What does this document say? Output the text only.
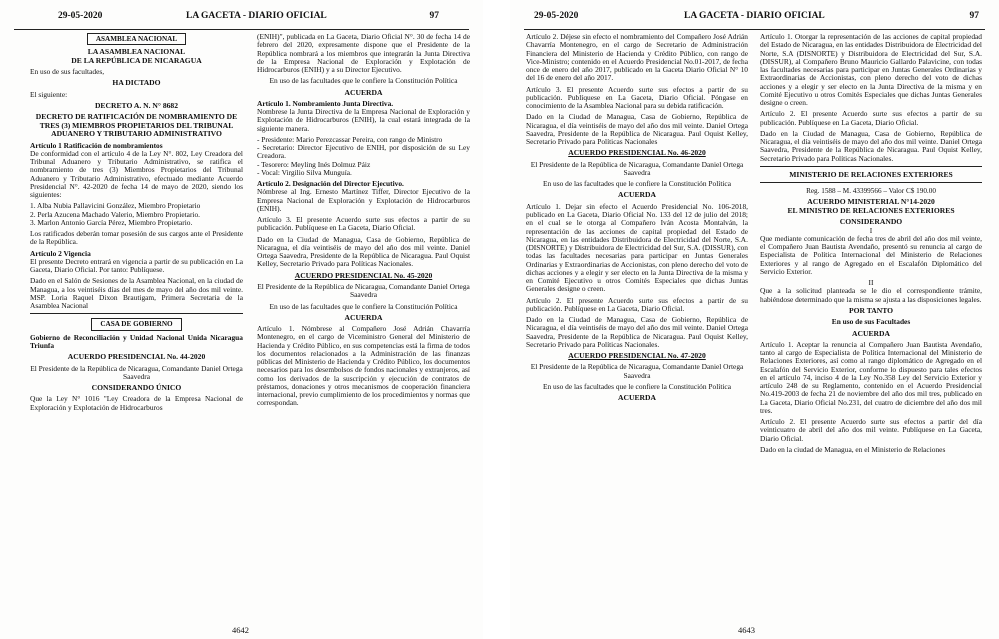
29-05-2020	LA GACETA - DIARIO OFICIAL	97

ASAMBLEA NACIONAL

LA ASAMBLEA NACIONAL

DE LA REPÚBLICA DE NICARAGUA

En uso de sus facultades,

HA DICTADO

El siguiente:

DECRETO A. N. N° 8682

DECRETO DE RATIFICACIÓN DE NOMBRAMIENTO DE TRES (3) MIEMBROS PROPIETARIOS DEL TRIBUNAL ADUANERO Y TRIBUTARIO ADMINISTRATIVO

Artículo 1 Ratificación de nombramientos

De conformidad con el artículo 4 de la Ley N°. 802, Ley Creadora del Tribunal Aduanero y Tributario Administrativo, se ratifica el nombramiento de tres (3) Miembros Propietarios del Tribunal Aduanero y Tributario Administrativo, efectuado mediante Acuerdo Presidencial N°. 42-2020 de fecha 14 de mayo de 2020, siendo los siguientes:

1. Alba Nubia Pallavicini González, Miembro Propietario

2. Perla Azucena Machado Valerio, Miembro Propietario.

3. Marlon Antonio García Pérez, Miembro Propietario.

Los ratificados deberán tomar posesión de sus cargos ante el Presidente de la República.

Artículo 2 Vigencia

El presente Decreto entrará en vigencia a partir de su publicación en La Gaceta, Diario Oficial. Por tanto: Publíquese.

Dado en el Salón de Sesiones de la Asamblea Nacional, en la ciudad de Managua, a los veintiséis días del mes de mayo del año dos mil veinte. MSP. Loria Raquel Dixon Brautigam, Primera Secretaria de la Asamblea Nacional

CASA DE GOBIERNO

Gobierno de Reconciliación y Unidad Nacional Unida Nicaragua Triunfa

ACUERDO PRESIDENCIAL No. 44-2020

El Presidente de la República de Nicaragua, Comandante Daniel Ortega Saavedra

CONSIDERANDO ÚNICO

Que la Ley N° 1016 "Ley Creadora de la Empresa Nacional de Exploración y Explotación de Hidrocarburos

(ENIH)", publicada en La Gaceta, Diario Oficial N°. 30 de fecha 14 de febrero del 2020, expresamente dispone que el Presidente de la República nombrará a los miembros que integrarán la Junta Directiva de la Empresa Nacional de Exploración y Explotación de Hidrocarburos (ENIH) y a su Director Ejecutivo.

En uso de las facultades que le confiere la Constitución Política

ACUERDA

Artículo 1. Nombramiento Junta Directiva.

Nombrese la Junta Directiva de la Empresa Nacional de Exploración y Explotación de Hidrocarburos (ENIH), la cual estará integrada de la siguiente manera.

- Presidente: Mario Perezcassar Pereira, con rango de Ministro

- Secretario: Director Ejecutivo de ENIH, por disposición de su Ley Creadora.

- Tesorero: Meyling Inés Dolmuz Páiz

- Vocal: Virgilio Silva Munguía.

Artículo 2. Designación del Director Ejecutivo.

Nómbrese al Ing. Ernesto Martínez Tiffer, Director Ejecutivo de la Empresa Nacional de Exploración y Explotación de Hidrocarburos (ENIH).

Artículo 3. El presente Acuerdo surte sus efectos a partir de su publicación. Publíquese en La Gaceta, Diario Oficial.

Dado en la Ciudad de Managua, Casa de Gobierno, República de Nicaragua, el día veintiséis de mayo del año dos mil veinte. Daniel Ortega Saavedra, Presidente de la República de Nicaragua. Paul Oquist Kelley, Secretario Privado para Políticas Nacionales.

ACUERDO PRESIDENCIAL No. 45-2020

El Presidente de la República de Nicaragua, Comandante Daniel Ortega Saavedra

En uso de las facultades que le confiere la Constitución Política

ACUERDA

Artículo 1. Nómbrese al Compañero José Adrián Chavarría Montenegro, en el cargo de Viceministro General del Ministerio de Hacienda y Crédito Público, en sus competencias está la firma de todos los documentos relacionados a la Administración de las finanzas públicas del Ministerio de Hacienda y Crédito Público, los documentos necesarios para los desembolsos de fondos nacionales y extranjeros, así como los derivados de la suscripción y ejecución de contratos de préstamos, donaciones y otros mecanismos de cooperación financiera internacional, previo cumplimiento de los procedimientos y normas que correspondan.

4642
29-05-2020	LA GACETA - DIARIO OFICIAL	97

Artículo 2. Déjese sin efecto el nombramiento del Compañero José Adrián Chavarría Montenegro, en el cargo de Secretario de Administración Financiera del Ministerio de Hacienda y Crédito Público, con rango de Vice-Ministro; contenido en el Acuerdo Presidencial No.01-2017, de fecha once de enero del año 2017, publicado en la Gaceta Diario Oficial N° 10 del 16 de enero del año 2017.

Artículo 3. El presente Acuerdo surte sus efectos a partir de su publicación. Publíquese en La Gaceta, Diario Oficial. Póngase en conocimiento de la Asamblea Nacional para su debida ratificación.

Dado en la Ciudad de Managua, Casa de Gobierno, República de Nicaragua, el día veintiséis de mayo del año dos mil veinte. Daniel Ortega Saavedra, Presidente de la República de Nicaragua. Paul Oquist Kelley, Secretario Privado para Políticas Nacionales

ACUERDO PRESIDENCIAL No. 46-2020

El Presidente de la República de Nicaragua, Comandante Daniel Ortega Saavedra

En uso de las facultades que le confiere la Constitución Política

ACUERDA

Artículo 1. Dejar sin efecto el Acuerdo Presidencial No. 106-2018, publicado en La Gaceta, Diario Oficial No. 133 del 12 de julio del 2018; en el cual se le otorga al Compañero Iván Acosta Montalván, la representación de las acciones de capital propiedad del Estado de Nicaragua, en las entidades Distribuidora de Electricidad del Norte, S.A. (DISNORTE) y Distribuidora de Electricidad del Sur, S.A. (DISSUR), con todas las facultades necesarias para participar en Juntas Generales Ordinarias y Extraordinarias de Accionistas, con pleno derecho del voto de dichas acciones y a elegir y ser electo en la Junta Directiva de la misma y en Comité Ejecutivo u otros Comités Especiales que dichas Juntas Generales designe o creen.

Artículo 2. El presente Acuerdo surte sus efectos a partir de su publicación. Publíquese en La Gaceta, Diario Oficial.

Dado en la Ciudad de Managua, Casa de Gobierno, República de Nicaragua, el día veintiséis de mayo del año dos mil veinte. Daniel Ortega Saavedra, Presidente de la República de Nicaragua. Paul Oquist Kelley, Secretario Privado para Políticas Nacionales.

ACUERDO PRESIDENCIAL No. 47-2020

El Presidente de la República de Nicaragua, Comandante Daniel Ortega Saavedra

En uso de las facultades que le confiere la Constitución Política

ACUERDA

Artículo 1. Otorgar la representación de las acciones de capital propiedad del Estado de Nicaragua, en las entidades Distribuidora de Electricidad del Norte, S.A (DISNORTE) y Distribuidora de Electricidad del Sur, S.A. (DISSUR), al Compañero Bruno Mauricio Gallardo Palavicine, con todas las facultades necesarias para participar en Juntas Generales Ordinarias y Extraordinarias de Accionistas, con pleno derecho del voto de dichas acciones y a elegir y ser electo en la Junta Directiva de la misma y en Comité Ejecutivo u otros Comités Especiales que dichas Juntas Generales designe o creen.

Artículo 2. El presente Acuerdo surte sus efectos a partir de su publicación. Publíquese en La Gaceta, Diario Oficial.

Dado en la Ciudad de Managua, Casa de Gobierno, República de Nicaragua, el día veintiséis de mayo del año dos mil veinte. Daniel Ortega Saavedra, Presidente de la República de Nicaragua. Paul Oquist Kelley, Secretario Privado para Políticas Nacionales.

MINISTERIO DE RELACIONES EXTERIORES

Reg. 1588 – M. 43399566 – Valor C$ 190.00

ACUERDO MINISTERIAL N°14-2020

EL MINISTRO DE RELACIONES EXTERIORES

CONSIDERANDO

I

Que mediante comunicación de fecha tres de abril del año dos mil veinte, el Compañero Juan Bautista Avendaño, presentó su renuncia al cargo de Especialista de Política Internacional del Ministerio de Relaciones Exteriores y al rango de Agregado en el Escalafón Diplomático del Servicio Exterior.

II

Que a la solicitud planteada se le dio el correspondiente trámite, habiéndose determinado que la misma se ajusta a las disposiciones legales.

POR TANTO

En uso de sus Facultades

ACUERDA

Artículo 1. Aceptar la renuncia al Compañero Juan Bautista Avendaño, tanto al cargo de Especialista de Política Internacional del Ministerio de Relaciones Exteriores, así como al rango diplomático de Agregado en el Escalafón del Servicio Exterior, conforme lo dispuesto para tales efectos en el artículo 74, inciso 4 de la Ley No.358 Ley del Servicio Exterior y artículo 248 de su Reglamento, contenido en el Acuerdo Presidencial No.419-2003 de fecha 21 de noviembre del año dos mil tres, publicado en La Gaceta, Diario Oficial No.231, del cuatro de diciembre del año dos mil tres.

Artículo 2. El presente Acuerdo surte sus efectos a partir del día veinticuatro de abril del año dos mil veinte. Publíquese en La Gaceta, Diario Oficial.

Dado en la ciudad de Managua, en el Ministerio de Relaciones

4643
